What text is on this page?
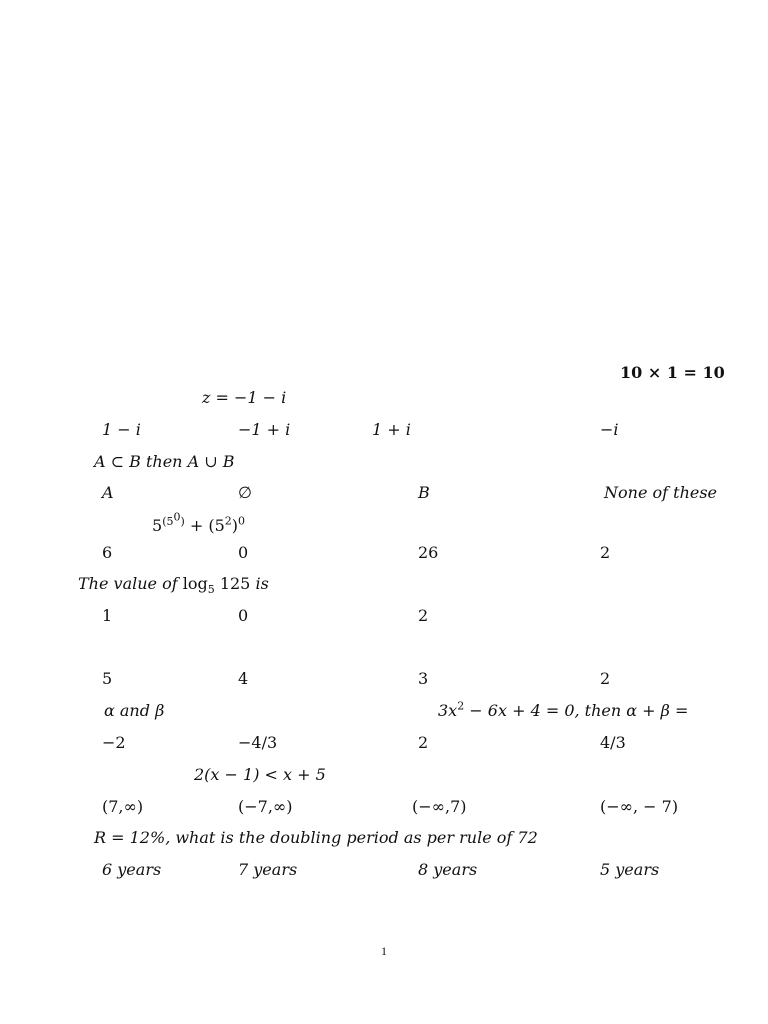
10 × 1 = 10
z = −1 − i
1 − i	−1 + i	1 + i	−i
A ⊂ B then A ∪ B
A	∅	B	None of these
$5^{(5^0)} + (5^2)^0$
6	0	26	2
The value of $\log_5 125$ is
1	0	2
5	4	3	2
α and β	$3x^2 - 6x + 4 = 0$, then α + β =
−2	−4/3	2	4/3
2(x − 1) < x + 5
(7,∞)	(−7,∞)	(−∞,7)	(−∞, − 7)
R = 12%, what is the doubling period as per rule of 72
6 years	7 years	8 years	5 years
1
